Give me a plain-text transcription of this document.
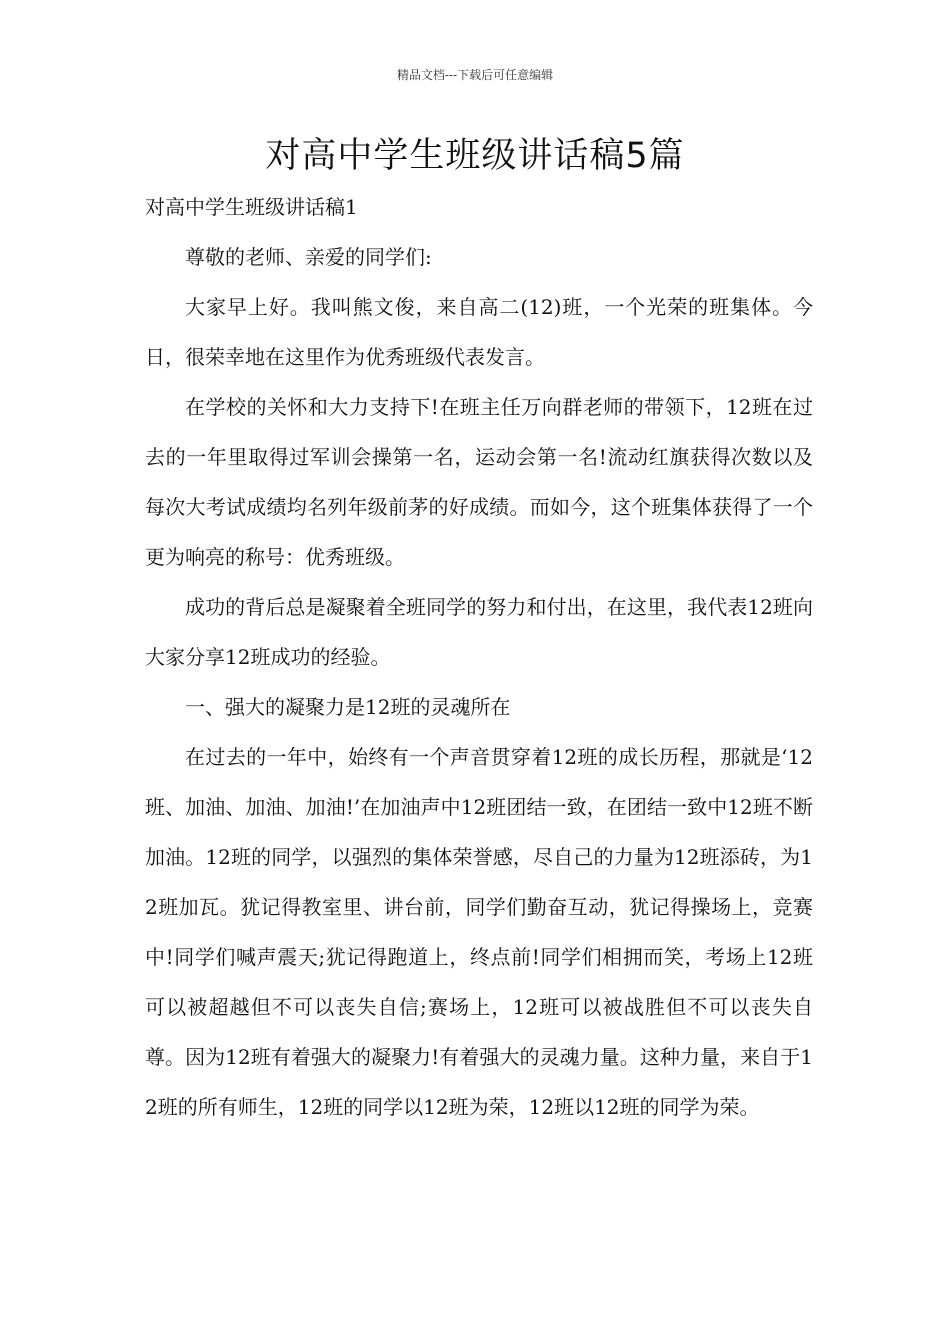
精品文档---下载后可任意编辑
对高中学生班级讲话稿5篇

对高中学生班级讲话稿1

尊敬的老师、亲爱的同学们:

大家早上好。我叫熊文俊，来自高二(12)班，一个光荣的班集体。今日，很荣幸地在这里作为优秀班级代表发言。

在学校的关怀和大力支持下!在班主任万向群老师的带领下，12班在过去的一年里取得过军训会操第一名，运动会第一名!流动红旗获得次数以及每次大考试成绩均名列年级前茅的好成绩。而如今，这个班集体获得了一个更为响亮的称号：优秀班级。

成功的背后总是凝聚着全班同学的努力和付出，在这里，我代表12班向大家分享12班成功的经验。

一、强大的凝聚力是12班的灵魂所在

在过去的一年中，始终有一个声音贯穿着12班的成长历程，那就是‘12班、加油、加油、加油!’在加油声中12班团结一致，在团结一致中12班不断加油。12班的同学，以强烈的集体荣誉感，尽自己的力量为12班添砖，为12班加瓦。犹记得教室里、讲台前，同学们勤奋互动，犹记得操场上，竞赛中!同学们喊声震天;犹记得跑道上，终点前!同学们相拥而笑，考场上12班可以被超越但不可以丧失自信;赛场上，12班可以被战胜但不可以丧失自尊。因为12班有着强大的凝聚力!有着强大的灵魂力量。这种力量，来自于12班的所有师生，12班的同学以12班为荣，12班以12班的同学为荣。
